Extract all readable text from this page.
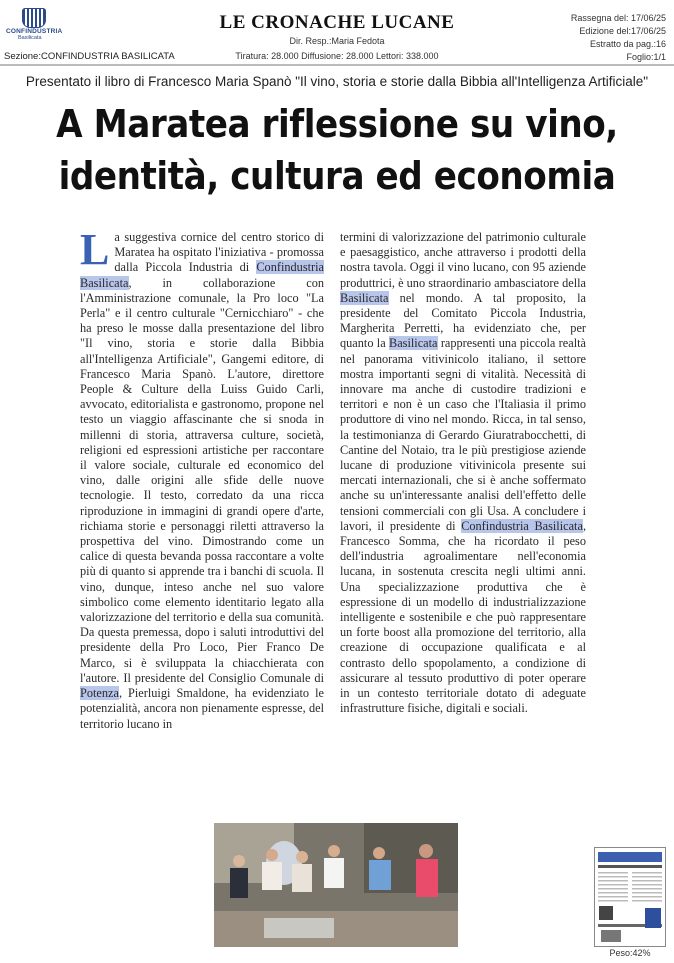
CONFINDUSTRIA
Basilicata
LE CRONACHE LUCANE
Dir. Resp.:Maria Fedota
Tiratura: 28.000 Diffusione: 28.000 Lettori: 338.000
Sezione:CONFINDUSTRIA BASILICATA
Rassegna del: 17/06/25
Edizione del:17/06/25
Estratto da pag.:16
Foglio:1/1
Presentato il libro di Francesco Maria Spanò "Il vino, storia e storie dalla Bibbia all'Intelligenza Artificiale"
A Maratea riflessione su vino,
identità, cultura ed economia

La suggestiva cornice del centro storico di Maratea ha ospitato l'iniziativa - promossa dalla Piccola Industria di Confindustria Basilicata, in collaborazione con l'Amministrazione comunale, la Pro loco "La Perla" e il centro culturale "Cernicchiaro" - che ha preso le mosse dalla presentazione del libro "Il vino, storia e storie dalla Bibbia all'Intelligenza Artificiale", Gangemi editore, di Francesco Maria Spanò. L'autore, direttore People & Culture della Luiss Guido Carli, avvocato, editorialista e gastronomo, propone nel testo un viaggio affascinante che si snoda in millenni di storia, attraversa culture, società, religioni ed espressioni artistiche per raccontare il valore sociale, culturale ed economico del vino, dalle origini alle sfide delle nuove tecnologie. Il testo, corredato da una ricca riproduzione in immagini di grandi opere d'arte, richiama storie e personaggi riletti attraverso la prospettiva del vino. Dimostrando come un calice di questa bevanda possa raccontare a volte più di quanto si apprende tra i banchi di scuola. Il vino, dunque, inteso anche nel suo valore simbolico come elemento identitario legato alla valorizzazione del territorio e della sua comunità. Da questa premessa, dopo i saluti introduttivi del presidente della Pro Loco, Pier Franco De Marco, si è sviluppata la chiacchierata con l'autore. Il presidente del Consiglio Comunale di Potenza, Pierluigi Smaldone, ha evidenziato le potenzialità, ancora non pienamente espresse, del territorio lucano in

termini di valorizzazione del patrimonio culturale e paesaggistico, anche attraverso i prodotti della nostra tavola. Oggi il vino lucano, con 95 aziende produttrici, è uno straordinario ambasciatore della Basilicata nel mondo. A tal proposito, la presidente del Comitato Piccola Industria, Margherita Perretti, ha evidenziato che, per quanto la Basilicata rappresenti una piccola realtà nel panorama vitivinicolo italiano, il settore mostra importanti segni di vitalità. Necessità di innovare ma anche di custodire tradizioni e territori e non è un caso che l'Italiasia il primo produttore di vino nel mondo. Ricca, in tal senso, la testimonianza di Gerardo Giuratrabocchetti, di Cantine del Notaio, tra le più prestigiose aziende lucane di produzione vitivinicola presente sui mercati internazionali, che si è anche soffermato anche su un'interessante analisi dell'effetto delle tensioni commerciali con gli Usa. A concludere i lavori, il presidente di Confindustria Basilicata, Francesco Somma, che ha ricordato il peso dell'industria agroalimentare nell'economia lucana, in sostenuta crescita negli ultimi anni. Una specializzazione produttiva che è espressione di un modello di industrializzazione intelligente e sostenibile e che può rappresentare un forte boost alla promozione del territorio, alla creazione di occupazione qualificata e al contrasto dello spopolamento, a condizione di assicurare al tessuto produttivo di poter operare in un contesto territoriale dotato di adeguate infrastrutture fisiche, digitali e sociali.

Peso:42%
